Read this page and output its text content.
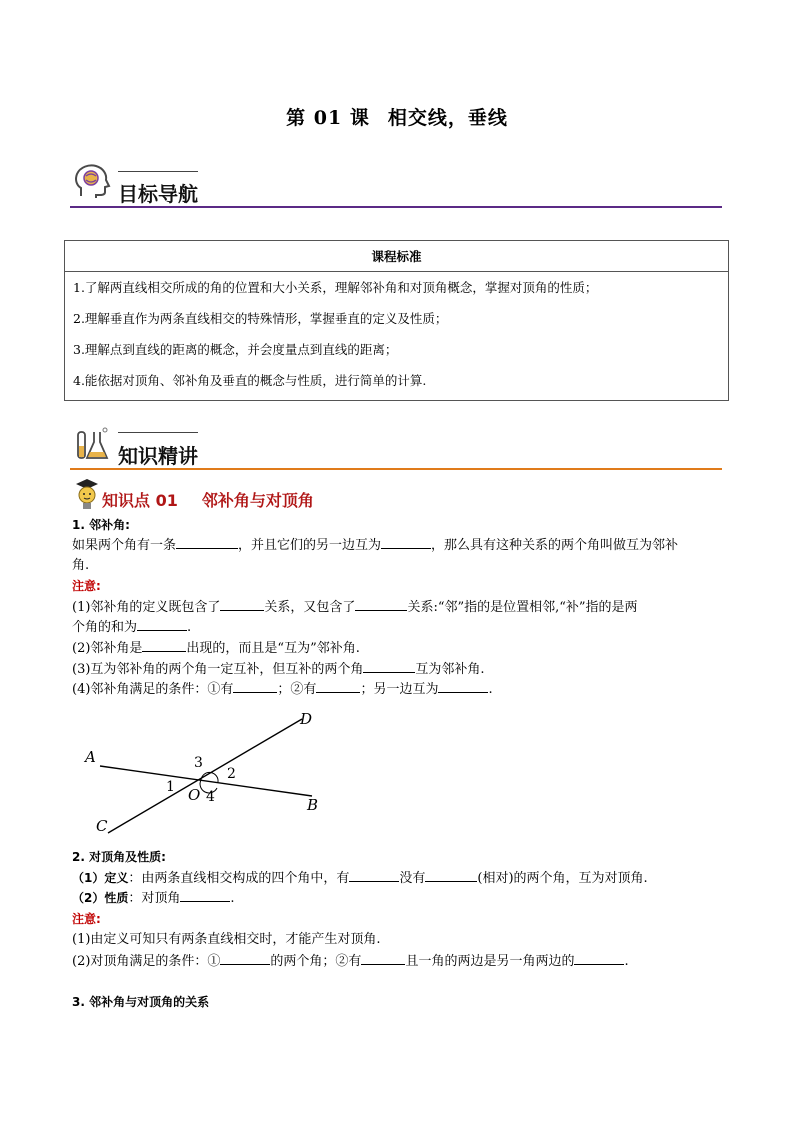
第 01 课 相交线，垂线
目标导航
课程标准

1.了解两直线相交所成的角的位置和大小关系，理解邻补角和对顶角概念，掌握对顶角的性质；
2.理解垂直作为两条直线相交的特殊情形，掌握垂直的定义及性质；
3.理解点到直线的距离的概念，并会度量点到直线的距离；
4.能依据对顶角、邻补角及垂直的概念与性质，进行简单的计算.
知识精讲
知识点 01 邻补角与对顶角
1. 邻补角:
如果两个角有一条	，并且它们的另一边互为	，那么具有这种关系的两个角叫做互为邻补
角.
注意:
(1)邻补角的定义既包含了	关系，又包含了	关系:“邻”指的是位置相邻,“补”指的是两
个角的和为	.
(2)邻补角是	出现的，而且是“互为”邻补角.
(3)互为邻补角的两个角一定互补，但互补的两个角	互为邻补角.
(4)邻补角满足的条件：①有	；②有	；另一边互为	.
A
B
C
D
O
1
2
3
4
2. 对顶角及性质:
（1）定义：由两条直线相交构成的四个角中，有	没有	(相对)的两个角，互为对顶角.
（2）性质：对顶角	.
注意:
(1)由定义可知只有两条直线相交时，才能产生对顶角.
(2)对顶角满足的条件：①	的两个角；②有	且一角的两边是另一角两边的	.
3. 邻补角与对顶角的关系
